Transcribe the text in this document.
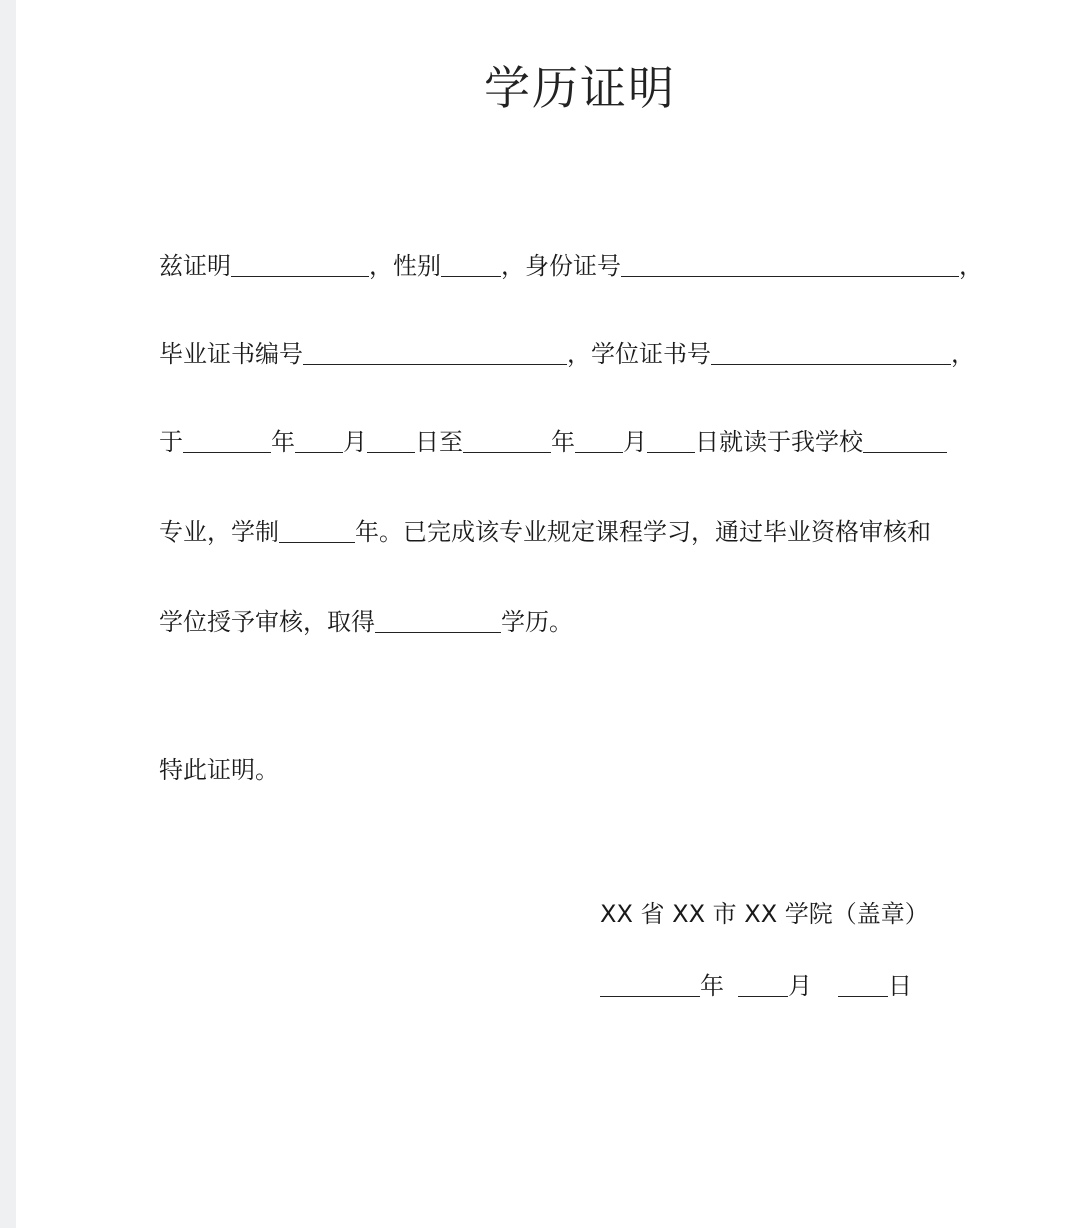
学历证明
兹证明	，性别	，身份证号	，
毕业证书编号	，学位证书号	，
于	年 月 日至	年 月 日就读于我学校
专业，学制	年。已完成该专业规定课程学习，通过毕业资格审核和
学位授予审核，取得	学历。
特此证明。
XX 省 XX 市 XX 学院（盖章）
年	月	日
